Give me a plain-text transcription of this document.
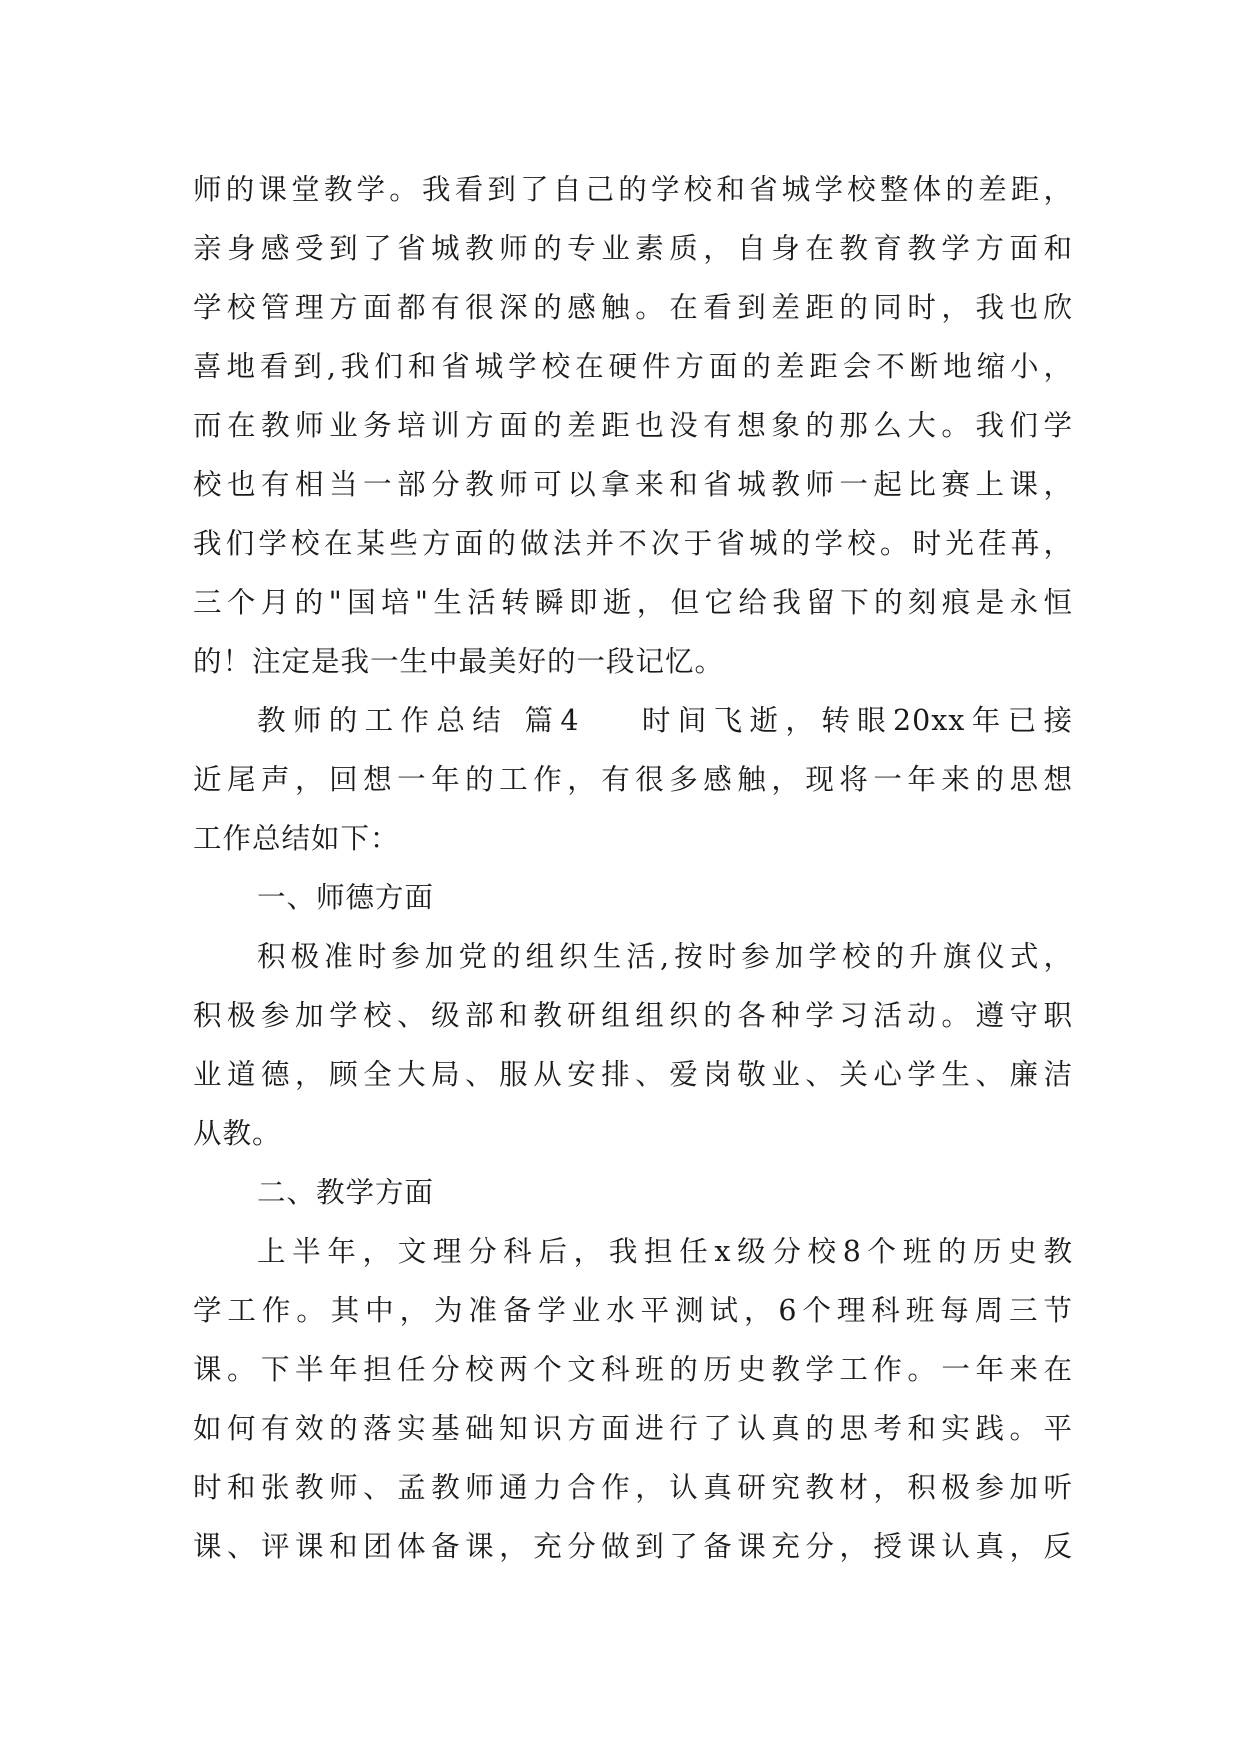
师的课堂教学。我看到了自己的学校和省城学校整体的差距，
亲身感受到了省城教师的专业素质，自身在教育教学方面和
学校管理方面都有很深的感触。在看到差距的同时，我也欣
喜地看到,我们和省城学校在硬件方面的差距会不断地缩小，
而在教师业务培训方面的差距也没有想象的那么大。我们学
校也有相当一部分教师可以拿来和省城教师一起比赛上课，
我们学校在某些方面的做法并不次于省城的学校。时光荏苒，
三个月的"国培"生活转瞬即逝，但它给我留下的刻痕是永恒
的！注定是我一生中最美好的一段记忆。
教师的工作总结 篇4 时间飞逝，转眼20xx年已接
近尾声，回想一年的工作，有很多感触，现将一年来的思想
工作总结如下：
一、师德方面
积极准时参加党的组织生活,按时参加学校的升旗仪式，
积极参加学校、级部和教研组组织的各种学习活动。遵守职
业道德，顾全大局、服从安排、爱岗敬业、关心学生、廉洁
从教。
二、教学方面
上半年，文理分科后，我担任x级分校8个班的历史教
学工作。其中，为准备学业水平测试，6个理科班每周三节
课。下半年担任分校两个文科班的历史教学工作。一年来在
如何有效的落实基础知识方面进行了认真的思考和实践。平
时和张教师、孟教师通力合作，认真研究教材，积极参加听
课、评课和团体备课，充分做到了备课充分，授课认真，反
